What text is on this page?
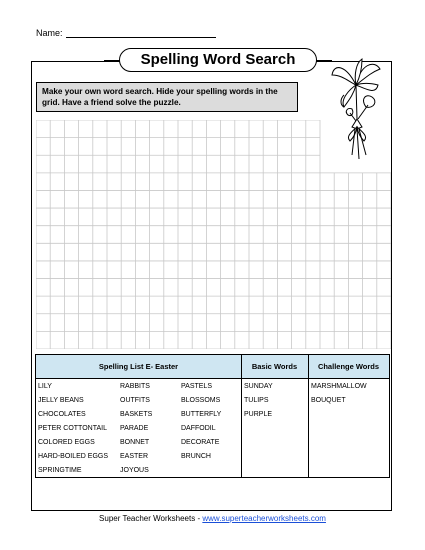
Name:
Spelling Word Search
Make your own word search. Hide your spelling words in the grid. Have a friend solve the puzzle.
Spelling List E- Easter	Basic Words	Challenge Words
LILY
JELLY BEANS
CHOCOLATES
PETER COTTONTAIL
COLORED EGGS
HARD-BOILED EGGS
SPRINGTIME
RABBITS
OUTFITS
BASKETS
PARADE
BONNET
EASTER
JOYOUS
PASTELS
BLOSSOMS
BUTTERFLY
DAFFODIL
DECORATE
BRUNCH
SUNDAY
TULIPS
PURPLE
MARSHMALLOW
BOUQUET
Super Teacher Worksheets - www.superteacherworksheets.com
